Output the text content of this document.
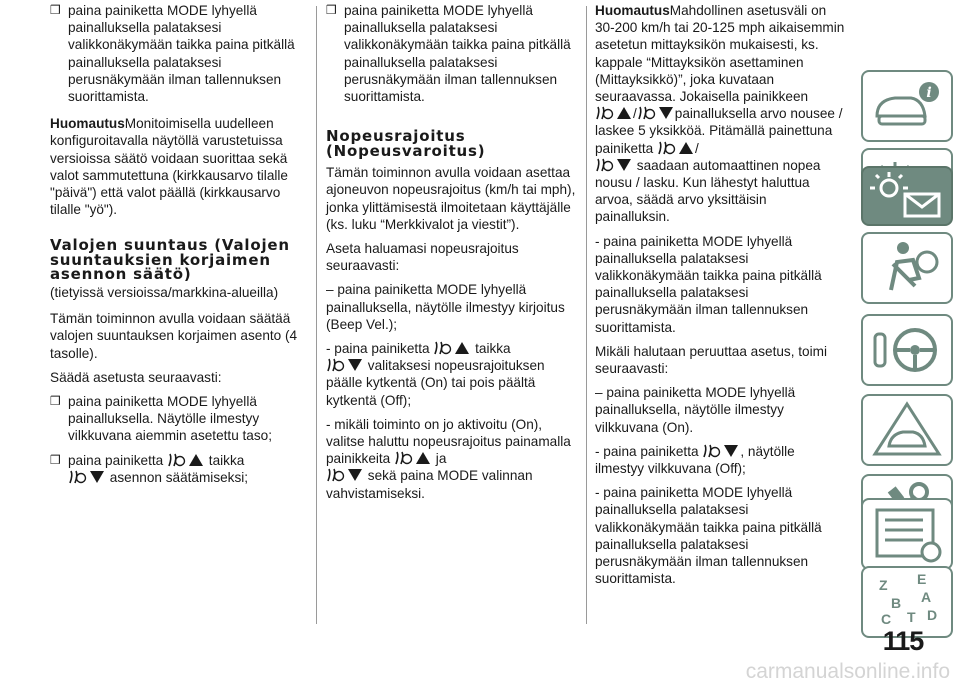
❒ paina painiketta MODE lyhyellä painalluksella palataksesi valikkonäkymään taikka paina pitkällä painalluksella palataksesi perusnäkymään ilman tallennuksen suorittamista.

HuomautusMonitoimisella uudelleen konfiguroitavalla näytöllä varustetuissa versioissa säätö voidaan suorittaa sekä valot sammutettuna (kirkkausarvo tilalle "päivä") että valot päällä (kirkkausarvo tilalle "yö").

Valojen suuntaus (Valojen suuntauksien korjaimen asennon säätö)

(tietyissä versioissa/markkina-alueilla)

Tämän toiminnon avulla voidaan säätää valojen suuntauksen korjaimen asento (4 tasolle).

Säädä asetusta seuraavasti:

❒ paina painiketta MODE lyhyellä painalluksella. Näytölle ilmestyy vilkkuvana aiemmin asetettu taso;
❒ paina painiketta	taikka

asennon säätämiseksi;
❒ paina painiketta MODE lyhyellä painalluksella palataksesi valikkonäkymään taikka paina pitkällä painalluksella palataksesi perusnäkymään ilman tallennuksen suorittamista.
Nopeusrajoitus (Nopeusvaroitus)

Tämän toiminnon avulla voidaan asettaa ajoneuvon nopeusrajoitus (km/h tai mph), jonka ylittämisestä ilmoitetaan käyttäjälle (ks. luku “Merkkivalot ja viestit”).

Aseta haluamasi nopeusrajoitus seuraavasti:

– paina painiketta MODE lyhyellä painalluksella, näytölle ilmestyy kirjoitus (Beep Vel.);

- paina painiketta	taikka

valitaksesi nopeusrajoituksen päälle kytkentä (On) tai pois päältä kytkentä (Off);

- mikäli toiminto on jo aktivoitu (On), valitse haluttu nopeusrajoitus painamalla painikkeita	ja

sekä paina MODE valinnan vahvistamiseksi.

HuomautusMahdollinen asetusväli on 30-200 km/h tai 20-125 mph aikaisemmin asetetun mittayksikön mukaisesti, ks. kappale “Mittayksikön asettaminen (Mittayksikkö)”, joka kuvataan seuraavassa. Jokaisella painikkeen
/	painalluksella arvo nousee / laskee 5 yksikköä. Pitämällä painettuna painiketta	/

saadaan automaattinen nopea nousu / lasku. Kun lähestyt haluttua arvoa, säädä arvo yksittäisin painalluksin.

- paina painiketta MODE lyhyellä painalluksella palataksesi valikkonäkymään taikka paina pitkällä painalluksella palataksesi perusnäkymään ilman tallennuksen suorittamista.

Mikäli halutaan peruuttaa asetus, toimi seuraavasti:

– paina painiketta MODE lyhyellä painalluksella, näytölle ilmestyy vilkkuvana (On).

- paina painiketta	, näytölle ilmestyy vilkkuvana (Off);

- paina painiketta MODE lyhyellä painalluksella palataksesi valikkonäkymään taikka paina pitkällä painalluksella palataksesi perusnäkymään ilman tallennuksen suorittamista.

i
Z E
B A
C T D
115
carmanualsonline.info
